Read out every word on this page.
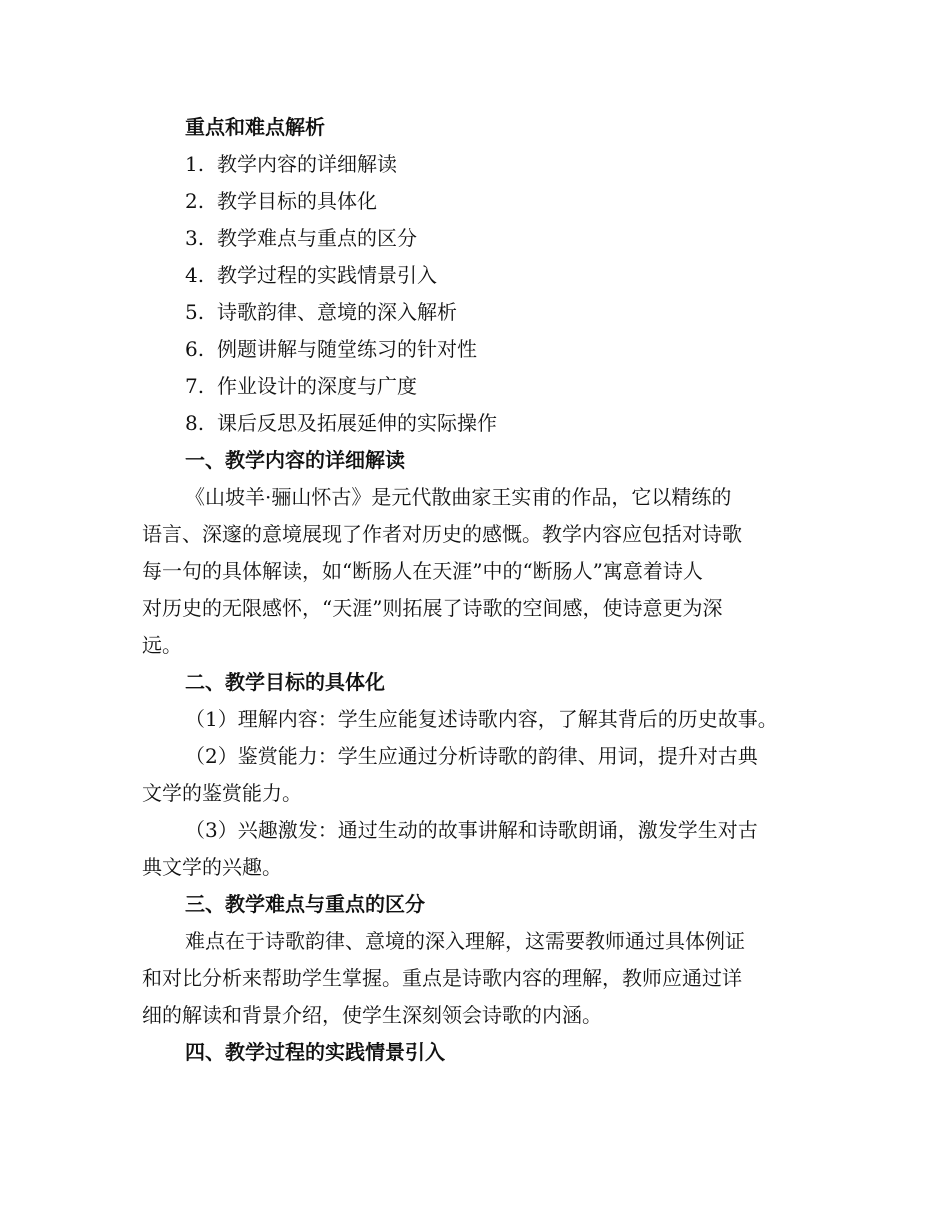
重点和难点解析
1. 教学内容的详细解读
2. 教学目标的具体化
3. 教学难点与重点的区分
4. 教学过程的实践情景引入
5. 诗歌韵律、意境的深入解析
6. 例题讲解与随堂练习的针对性
7. 作业设计的深度与广度
8. 课后反思及拓展延伸的实际操作
一、教学内容的详细解读
《山坡羊·骊山怀古》是元代散曲家王实甫的作品，它以精练的
语言、深邃的意境展现了作者对历史的感慨。教学内容应包括对诗歌
每一句的具体解读，如“断肠人在天涯”中的“断肠人”寓意着诗人
对历史的无限感怀，“天涯”则拓展了诗歌的空间感，使诗意更为深
远。
二、教学目标的具体化
（1）理解内容：学生应能复述诗歌内容，了解其背后的历史故事。
（2）鉴赏能力：学生应通过分析诗歌的韵律、用词，提升对古典
文学的鉴赏能力。
（3）兴趣激发：通过生动的故事讲解和诗歌朗诵，激发学生对古
典文学的兴趣。
三、教学难点与重点的区分
难点在于诗歌韵律、意境的深入理解，这需要教师通过具体例证
和对比分析来帮助学生掌握。重点是诗歌内容的理解，教师应通过详
细的解读和背景介绍，使学生深刻领会诗歌的内涵。
四、教学过程的实践情景引入
